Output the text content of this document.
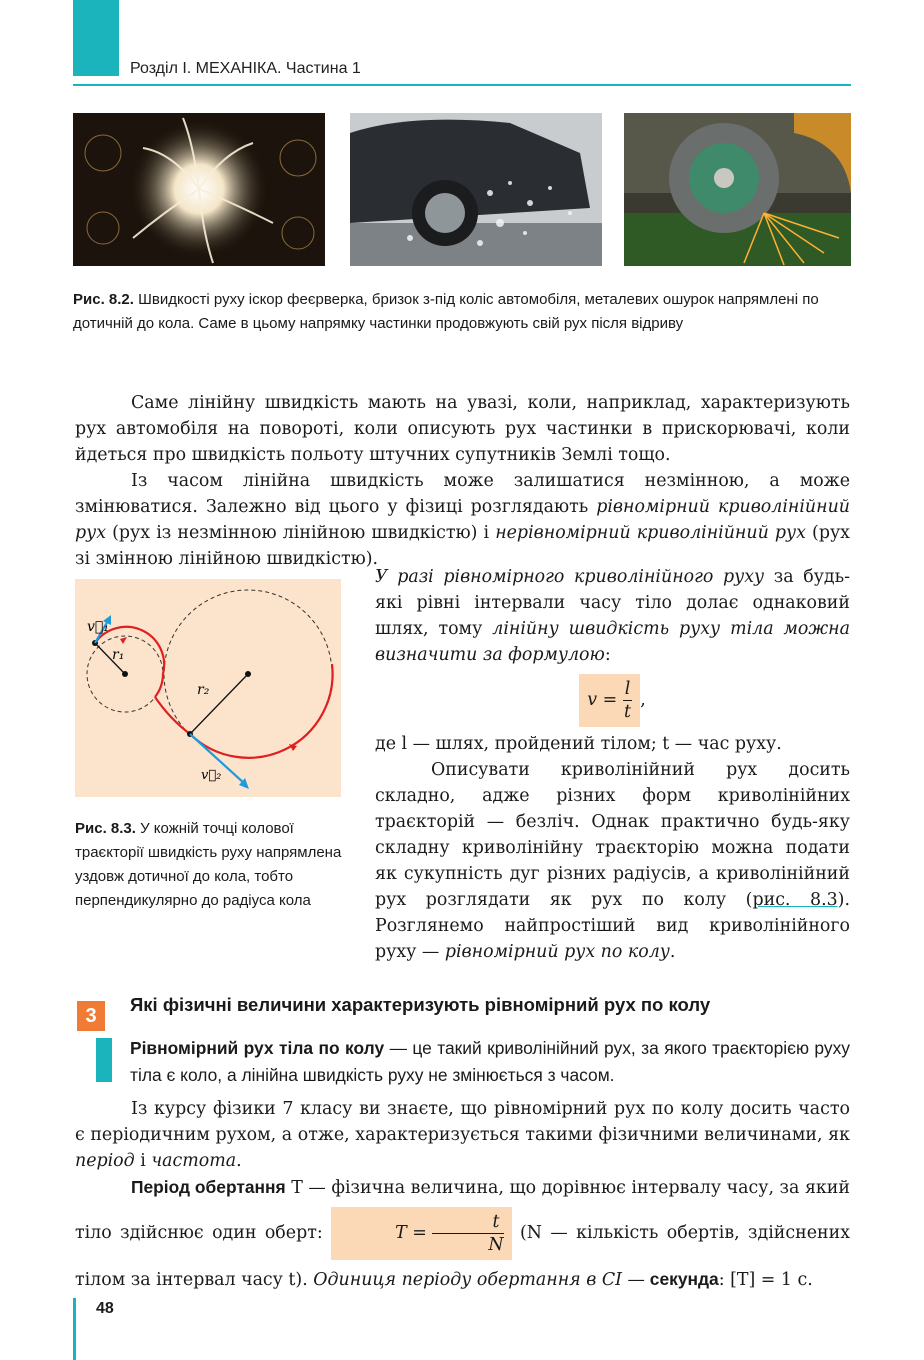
Розділ І. МЕХАНІКА. Частина 1
Рис. 8.2. Швидкості руху іскор феєрверка, бризок з-під коліс автомобіля, металевих ошурок напрямлені по дотичній до кола. Саме в цьому напрямку частинки продовжують свій рух після відриву

Саме лінійну швидкість мають на увазі, коли, наприклад, характеризують рух автомобіля на повороті, коли описують рух частинки в прискорювачі, коли йдеться про швидкість польоту штучних супутників Землі тощо.

Із часом лінійна швидкість може залишатися незмінною, а може змінюватися. Залежно від цього у фізиці розглядають рівномірний криволінійний рух (рух із незмінною лінійною швидкістю) і нерівномірний криволінійний рух (рух зі змінною лінійною швидкістю).

v⃗₁
r₁
r₂
v⃗₂
Рис. 8.3. У кожній точці колової траєкторії швидкість руху напрямлена уздовж дотичної до кола, тобто перпендикулярно до радіуса кола

У разі рівномірного криволінійного руху за будь-які рівні інтервали часу тіло долає однаковий шлях, тому лінійну швидкість руху тіла можна визначити за формулою:

$v = \frac{l}{t}$ ,

де l — шлях, пройдений тілом; t — час руху.

Описувати криволінійний рух досить складно, адже різних форм криволінійних траєкторій — безліч. Однак практично будь-яку складну криволінійну траєкторію можна подати як сукупність дуг різних радіусів, а криволінійний рух розглядати як рух по колу (рис. 8.3). Розглянемо найпростіший вид криволінійного руху — рівномірний рух по колу.

3
Які фізичні величини характеризують рівномірний рух по колу

Рівномірний рух тіла по колу — це такий криволінійний рух, за якого траєкторією руху тіла є коло, а лінійна швидкість руху не змінюється з часом.

Із курсу фізики 7 класу ви знаєте, що рівномірний рух по колу досить часто є періодичним рухом, а отже, характеризується такими фізичними величинами, як період і частота.

Період обертання T — фізична величина, що дорівнює інтервалу часу, за який тіло здійснює один оберт:	$T = \frac{t}{N} (N$ — кількість обертів, здійснених тілом за інтервал часу t). Одиниця періоду обертання в СІ — секунда: [T] = 1 с.

48
